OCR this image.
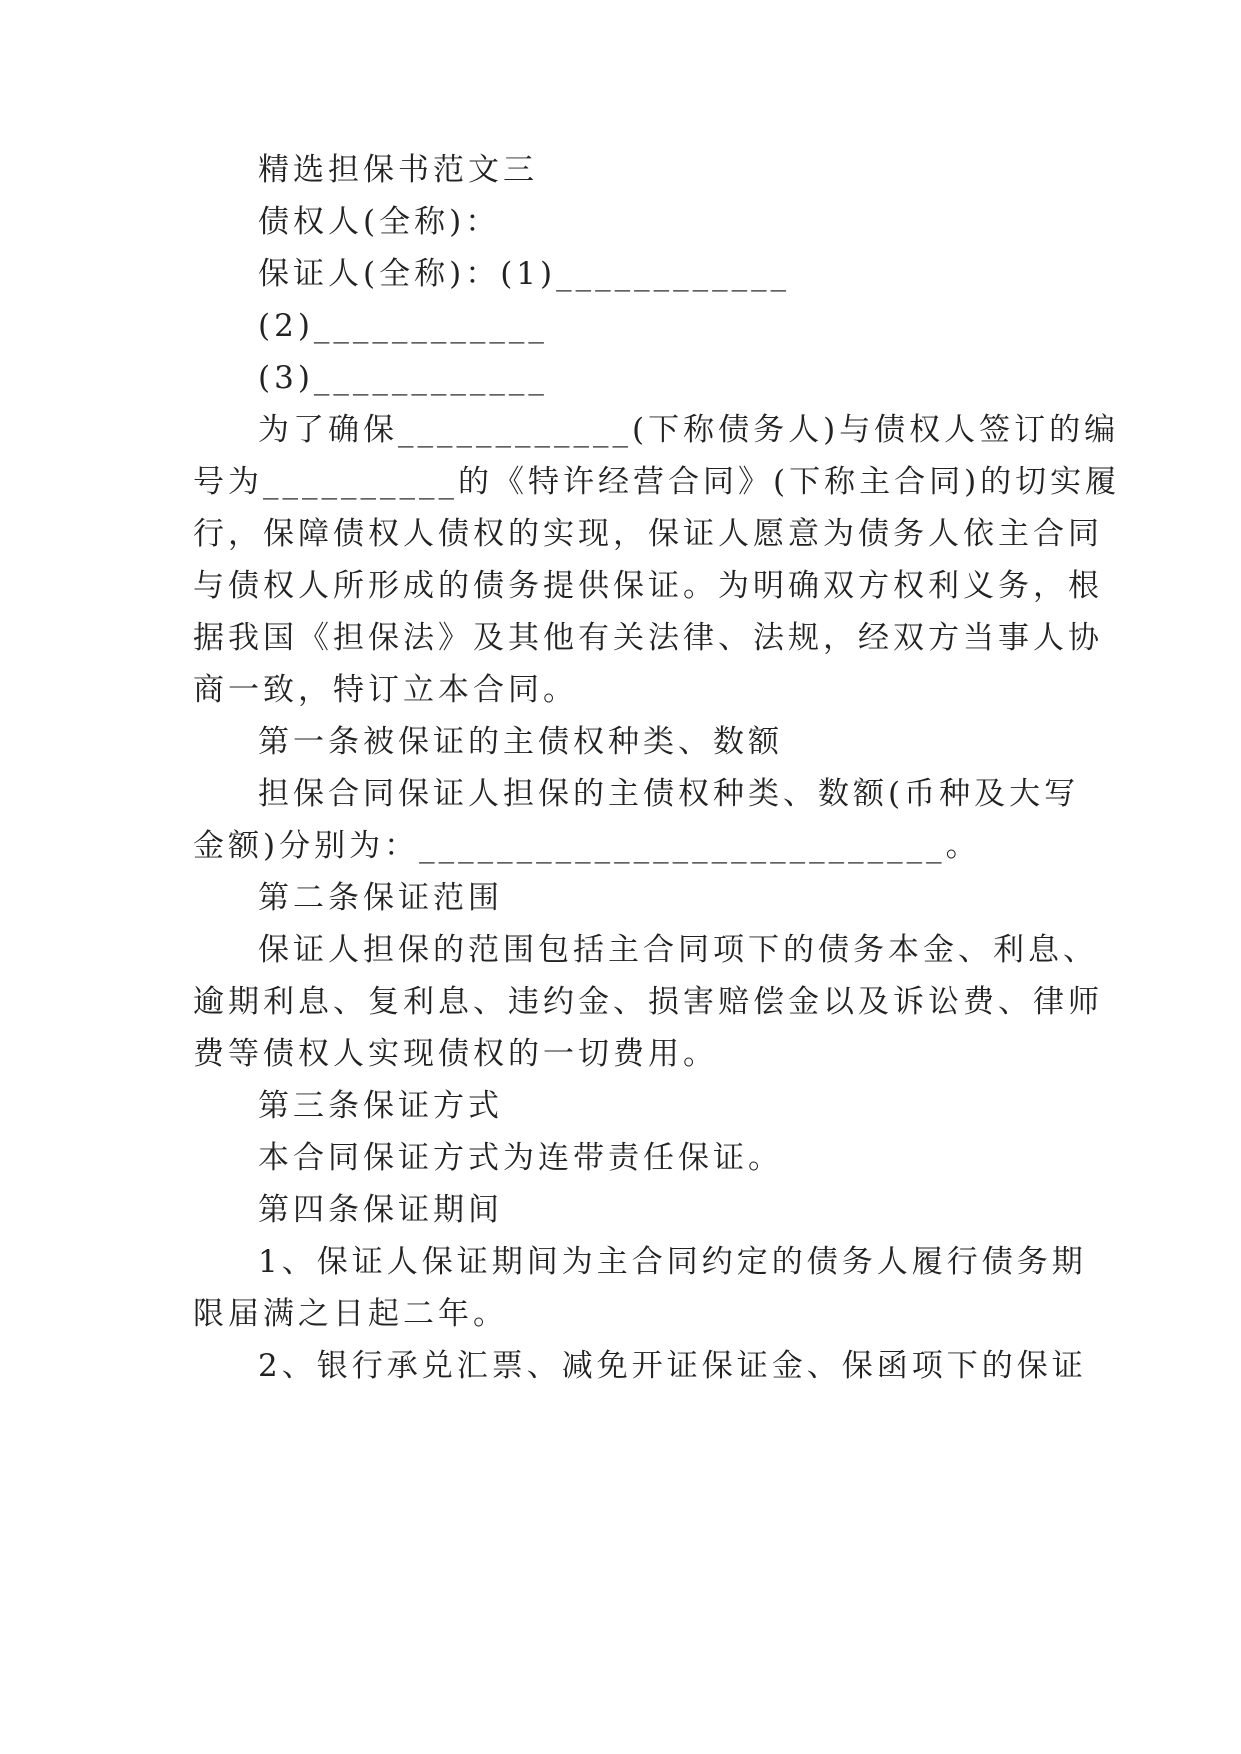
精选担保书范文三
债权人(全称)：
保证人(全称)：(1)____________
(2)____________
(3)____________
为了确保____________(下称债务人)与债权人签订的编
号为__________的《特许经营合同》(下称主合同)的切实履
行，保障债权人债权的实现，保证人愿意为债务人依主合同
与债权人所形成的债务提供保证。为明确双方权利义务，根
据我国《担保法》及其他有关法律、法规，经双方当事人协
商一致，特订立本合同。
第一条被保证的主债权种类、数额
担保合同保证人担保的主债权种类、数额(币种及大写
金额)分别为：___________________________。
第二条保证范围
保证人担保的范围包括主合同项下的债务本金、利息、
逾期利息、复利息、违约金、损害赔偿金以及诉讼费、律师
费等债权人实现债权的一切费用。
第三条保证方式
本合同保证方式为连带责任保证。
第四条保证期间
1、保证人保证期间为主合同约定的债务人履行债务期
限届满之日起二年。
2、银行承兑汇票、减免开证保证金、保函项下的保证
